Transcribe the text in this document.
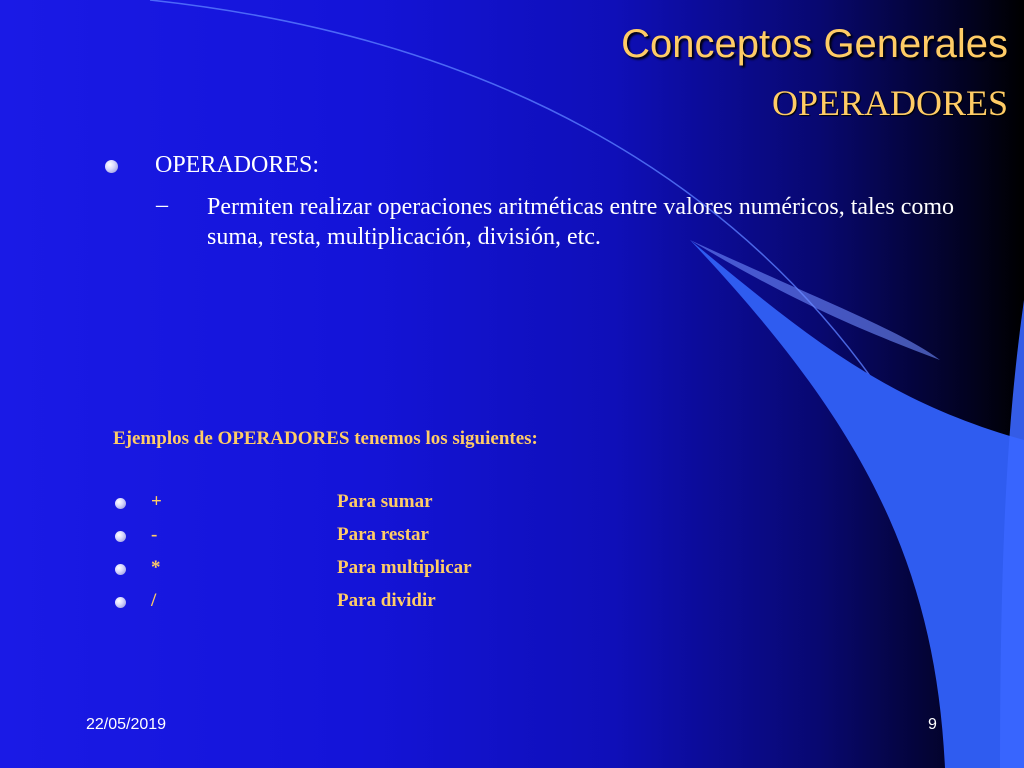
Conceptos Generales
OPERADORES
OPERADORES:
– Permiten realizar operaciones aritméticas entre valores numéricos, tales como suma, resta, multiplicación, división, etc.
Ejemplos de OPERADORES tenemos los siguientes:
+	Para sumar
-	Para restar
*	Para multiplicar
/	Para dividir
22/05/2019	9
